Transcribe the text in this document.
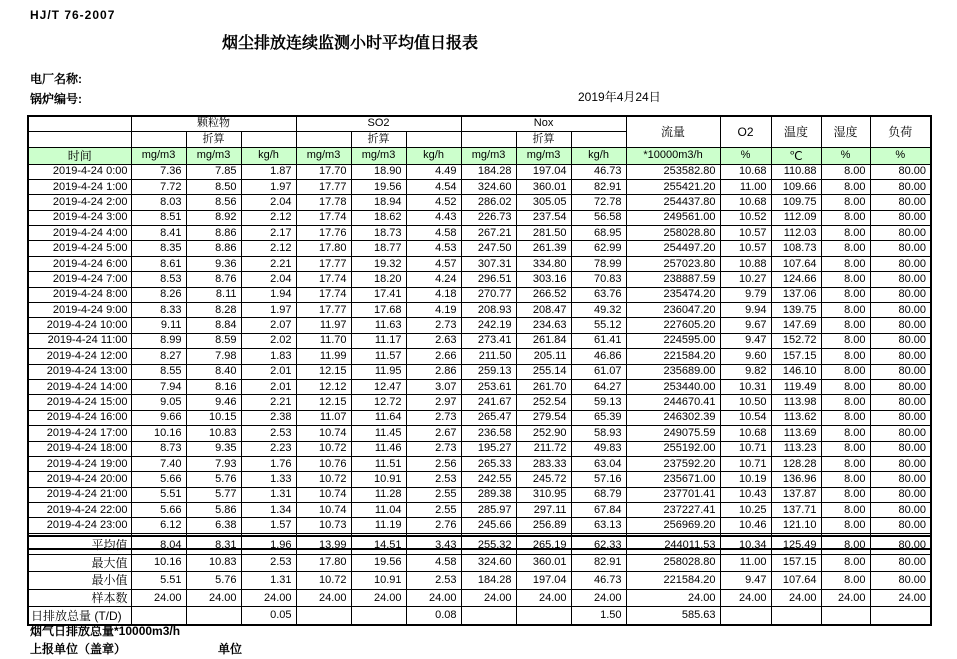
HJ/T 76-2007
烟尘排放连续监测小时平均值日报表
电厂名称:
锅炉编号:	2019年4月24日
	颗粒物			SO2			Nox			流量	O2	温度	湿度	负荷
		折算			折算			折算						
时间	mg/m3	mg/m3	kg/h	mg/m3	mg/m3	kg/h	mg/m3	mg/m3	kg/h	*10000m3/h	%	℃	%	%
2019-4-24 0:00	7.36	7.85	1.87	17.70	18.90	4.49	184.28	197.04	46.73	253582.80	10.68	110.88	8.00	80.00
2019-4-24 1:00	7.72	8.50	1.97	17.77	19.56	4.54	324.60	360.01	82.91	255421.20	11.00	109.66	8.00	80.00
2019-4-24 2:00	8.03	8.56	2.04	17.78	18.94	4.52	286.02	305.05	72.78	254437.80	10.68	109.75	8.00	80.00
2019-4-24 3:00	8.51	8.92	2.12	17.74	18.62	4.43	226.73	237.54	56.58	249561.00	10.52	112.09	8.00	80.00
2019-4-24 4:00	8.41	8.86	2.17	17.76	18.73	4.58	267.21	281.50	68.95	258028.80	10.57	112.03	8.00	80.00
2019-4-24 5:00	8.35	8.86	2.12	17.80	18.77	4.53	247.50	261.39	62.99	254497.20	10.57	108.73	8.00	80.00
2019-4-24 6:00	8.61	9.36	2.21	17.77	19.32	4.57	307.31	334.80	78.99	257023.80	10.88	107.64	8.00	80.00
2019-4-24 7:00	8.53	8.76	2.04	17.74	18.20	4.24	296.51	303.16	70.83	238887.59	10.27	124.66	8.00	80.00
2019-4-24 8:00	8.26	8.11	1.94	17.74	17.41	4.18	270.77	266.52	63.76	235474.20	9.79	137.06	8.00	80.00
2019-4-24 9:00	8.33	8.28	1.97	17.77	17.68	4.19	208.93	208.47	49.32	236047.20	9.94	139.75	8.00	80.00
2019-4-24 10:00	9.11	8.84	2.07	11.97	11.63	2.73	242.19	234.63	55.12	227605.20	9.67	147.69	8.00	80.00
2019-4-24 11:00	8.99	8.59	2.02	11.70	11.17	2.63	273.41	261.84	61.41	224595.00	9.47	152.72	8.00	80.00
2019-4-24 12:00	8.27	7.98	1.83	11.99	11.57	2.66	211.50	205.11	46.86	221584.20	9.60	157.15	8.00	80.00
2019-4-24 13:00	8.55	8.40	2.01	12.15	11.95	2.86	259.13	255.14	61.07	235689.00	9.82	146.10	8.00	80.00
2019-4-24 14:00	7.94	8.16	2.01	12.12	12.47	3.07	253.61	261.70	64.27	253440.00	10.31	119.49	8.00	80.00
2019-4-24 15:00	9.05	9.46	2.21	12.15	12.72	2.97	241.67	252.54	59.13	244670.41	10.50	113.98	8.00	80.00
2019-4-24 16:00	9.66	10.15	2.38	11.07	11.64	2.73	265.47	279.54	65.39	246302.39	10.54	113.62	8.00	80.00
2019-4-24 17:00	10.16	10.83	2.53	10.74	11.45	2.67	236.58	252.90	58.93	249075.59	10.68	113.69	8.00	80.00
2019-4-24 18:00	8.73	9.35	2.23	10.72	11.46	2.73	195.27	211.72	49.83	255192.00	10.71	113.23	8.00	80.00
2019-4-24 19:00	7.40	7.93	1.76	10.76	11.51	2.56	265.33	283.33	63.04	237592.20	10.71	128.28	8.00	80.00
2019-4-24 20:00	5.66	5.76	1.33	10.72	10.91	2.53	242.55	245.72	57.16	235671.00	10.19	136.96	8.00	80.00
2019-4-24 21:00	5.51	5.77	1.31	10.74	11.28	2.55	289.38	310.95	68.79	237701.41	10.43	137.87	8.00	80.00
2019-4-24 22:00	5.66	5.86	1.34	10.74	11.04	2.55	285.97	297.11	67.84	237227.41	10.25	137.71	8.00	80.00
2019-4-24 23:00	6.12	6.38	1.57	10.73	11.19	2.76	245.66	256.89	63.13	256969.20	10.46	121.10	8.00	80.00

平均值	8.04	8.31	1.96	13.99	14.51	3.43	255.32	265.19	62.33	244011.53	10.34	125.49	8.00	80.00
最大值	10.16	10.83	2.53	17.80	19.56	4.58	324.60	360.01	82.91	258028.80	11.00	157.15	8.00	80.00
最小值	5.51	5.76	1.31	10.72	10.91	2.53	184.28	197.04	46.73	221584.20	9.47	107.64	8.00	80.00
样本数	24.00	24.00	24.00	24.00	24.00	24.00	24.00	24.00	24.00	24.00	24.00	24.00	24.00	24.00
日排放总量 (T/D)			0.05			0.08			1.50	585.63				
烟气日排放总量*10000m3/h
上报单位（盖章）	单位
